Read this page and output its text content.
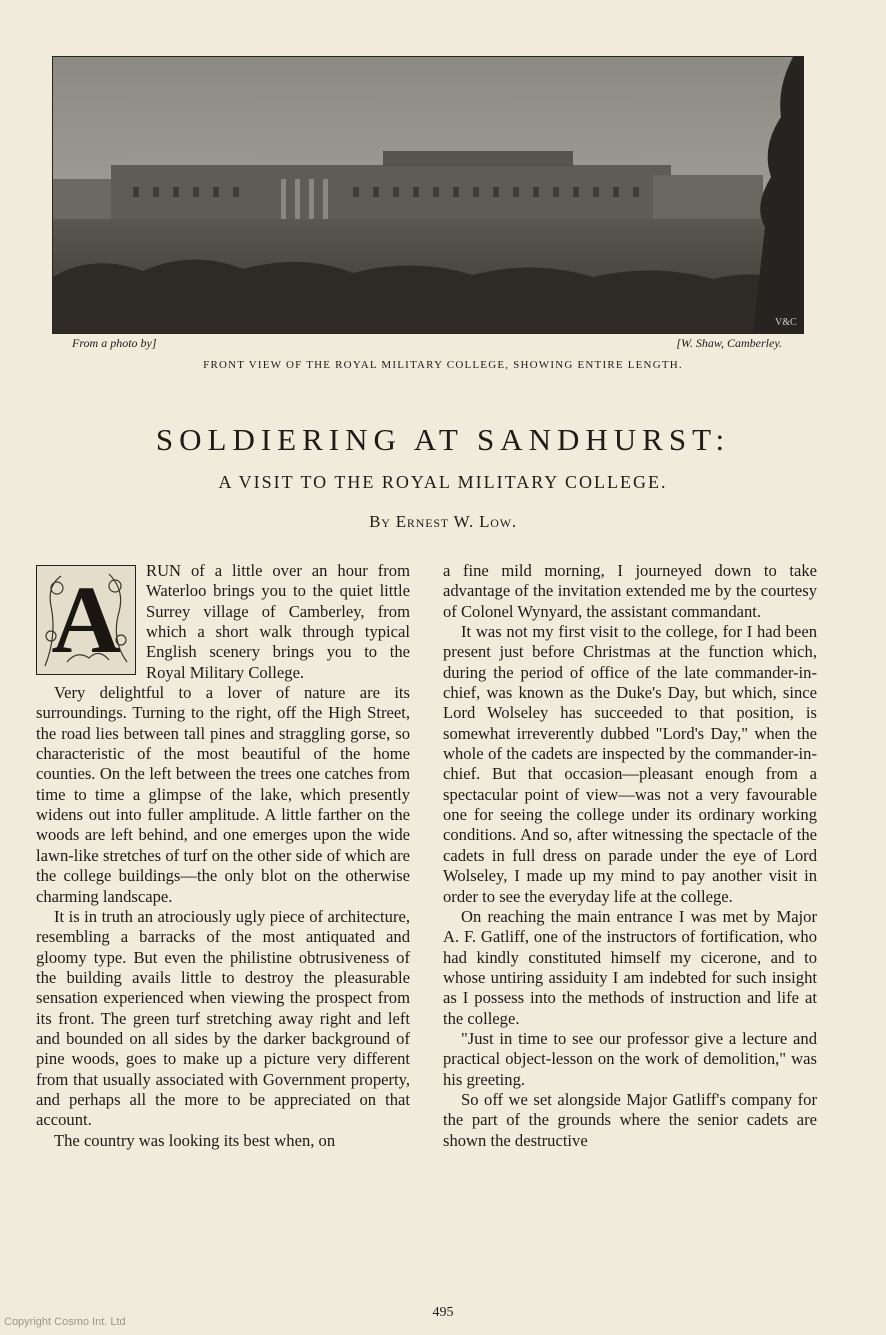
V&C
From a photo by]	[W. Shaw, Camberley.
FRONT VIEW OF THE ROYAL MILITARY COLLEGE, SHOWING ENTIRE LENGTH.
SOLDIERING AT SANDHURST:
A VISIT TO THE ROYAL MILITARY COLLEGE.
By Ernest W. Low.
A	RUN of a little over an hour from Waterloo brings you to the quiet little Surrey village of Camberley, from which a short walk through typical English scenery brings you to the Royal Military College.

Very delightful to a lover of nature are its surroundings. Turning to the right, off the High Street, the road lies between tall pines and straggling gorse, so characteristic of the most beautiful of the home counties. On the left between the trees one catches from time to time a glimpse of the lake, which presently widens out into fuller amplitude. A little farther on the woods are left behind, and one emerges upon the wide lawn-like stretches of turf on the other side of which are the college buildings—the only blot on the otherwise charming landscape.

It is in truth an atrociously ugly piece of architecture, resembling a barracks of the most antiquated and gloomy type. But even the philistine obtrusiveness of the building avails little to destroy the pleasurable sensation experienced when viewing the prospect from its front. The green turf stretching away right and left and bounded on all sides by the darker background of pine woods, goes to make up a picture very different from that usually associated with Government property, and perhaps all the more to be appreciated on that account.

The country was looking its best when, on

a fine mild morning, I journeyed down to take advantage of the invitation extended me by the courtesy of Colonel Wynyard, the assistant commandant.

It was not my first visit to the college, for I had been present just before Christmas at the function which, during the period of office of the late commander-in-chief, was known as the Duke's Day, but which, since Lord Wolseley has succeeded to that position, is somewhat irreverently dubbed "Lord's Day," when the whole of the cadets are inspected by the commander-in-chief. But that occasion—pleasant enough from a spectacular point of view—was not a very favourable one for seeing the college under its ordinary working conditions. And so, after witnessing the spectacle of the cadets in full dress on parade under the eye of Lord Wolseley, I made up my mind to pay another visit in order to see the everyday life at the college.

On reaching the main entrance I was met by Major A. F. Gatliff, one of the instructors of fortification, who had kindly constituted himself my cicerone, and to whose untiring assiduity I am indebted for such insight as I possess into the methods of instruction and life at the college.

"Just in time to see our professor give a lecture and practical object-lesson on the work of demolition," was his greeting.

So off we set alongside Major Gatliff's company for the part of the grounds where the senior cadets are shown the destructive

495
Copyright Cosmo Int. Ltd
